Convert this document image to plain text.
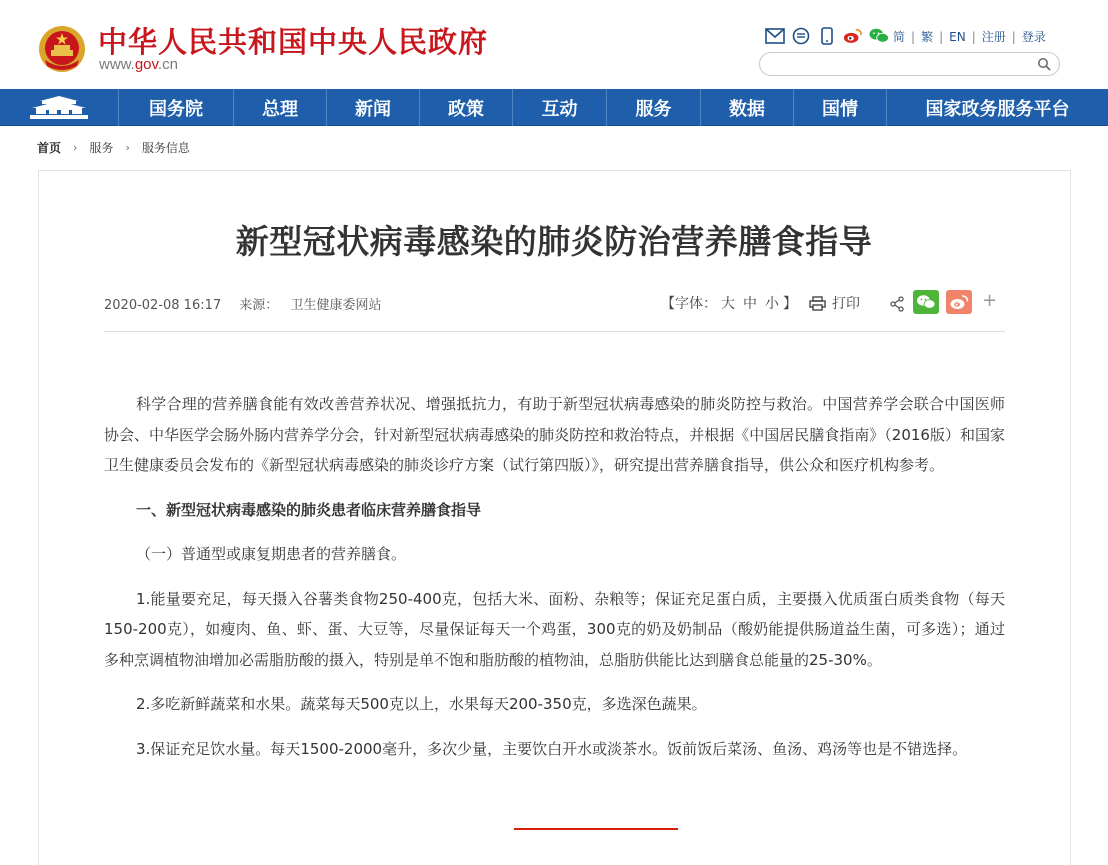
中华人民共和国中央人民政府
www.gov.cn
简 | 繁 | EN | 注册 | 登录
国务院	总理	新闻	政策	互动	服务	数据	国情	国家政务服务平台
首页 › 服务 › 服务信息
新型冠状病毒感染的肺炎防治营养膳食指导
2020-02-08 16:17 来源： 卫生健康委网站	【字体： 大 中 小 】	打印	+

科学合理的营养膳食能有效改善营养状况、增强抵抗力，有助于新型冠状病毒感染的肺炎防控与救治。中国营养学会联合中国医师协会、中华医学会肠外肠内营养学分会，针对新型冠状病毒感染的肺炎防控和救治特点，并根据《中国居民膳食指南》（2016版）和国家卫生健康委员会发布的《新型冠状病毒感染的肺炎诊疗方案（试行第四版）》，研究提出营养膳食指导，供公众和医疗机构参考。

一、新型冠状病毒感染的肺炎患者临床营养膳食指导

（一）普通型或康复期患者的营养膳食。

1.能量要充足，每天摄入谷薯类食物250-400克，包括大米、面粉、杂粮等；保证充足蛋白质，主要摄入优质蛋白质类食物（每天150-200克），如瘦肉、鱼、虾、蛋、大豆等，尽量保证每天一个鸡蛋，300克的奶及奶制品（酸奶能提供肠道益生菌，可多选）；通过多种烹调植物油增加必需脂肪酸的摄入，特别是单不饱和脂肪酸的植物油，总脂肪供能比达到膳食总能量的25-30%。

2.多吃新鲜蔬菜和水果。蔬菜每天500克以上，水果每天200-350克，多选深色蔬果。

3.保证充足饮水量。每天1500-2000毫升，多次少量，主要饮白开水或淡茶水。饭前饭后菜汤、鱼汤、鸡汤等也是不错选择。
